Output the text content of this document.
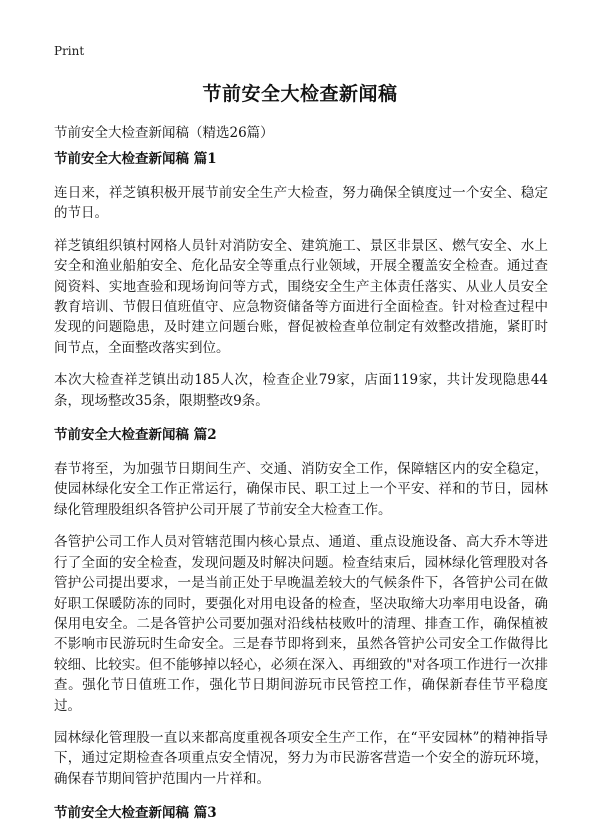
Print
节前安全大检查新闻稿
节前安全大检查新闻稿（精选26篇）
节前安全大检查新闻稿 篇1

连日来，祥芝镇积极开展节前安全生产大检查，努力确保全镇度过一个安全、稳定的节日。

祥芝镇组织镇村网格人员针对消防安全、建筑施工、景区非景区、燃气安全、水上安全和渔业船舶安全、危化品安全等重点行业领域，开展全覆盖安全检查。通过查阅资料、实地查验和现场询问等方式，围绕安全生产主体责任落实、从业人员安全教育培训、节假日值班值守、应急物资储备等方面进行全面检查。针对检查过程中发现的问题隐患，及时建立问题台账，督促被检查单位制定有效整改措施，紧盯时间节点，全面整改落实到位。

本次大检查祥芝镇出动185人次，检查企业79家，店面119家，共计发现隐患44条，现场整改35条，限期整改9条。

节前安全大检查新闻稿 篇2

春节将至，为加强节日期间生产、交通、消防安全工作，保障辖区内的安全稳定，使园林绿化安全工作正常运行，确保市民、职工过上一个平安、祥和的节日，园林绿化管理股组织各管护公司开展了节前安全大检查工作。

各管护公司工作人员对管辖范围内核心景点、通道、重点设施设备、高大乔木等进行了全面的安全检查，发现问题及时解决问题。检查结束后，园林绿化管理股对各管护公司提出要求，一是当前正处于早晚温差较大的气候条件下，各管护公司在做好职工保暖防冻的同时，要强化对用电设备的检查，坚决取缔大功率用电设备，确保用电安全。二是各管护公司要加强对沿线枯枝败叶的清理、排查工作，确保植被不影响市民游玩时生命安全。三是春节即将到来，虽然各管护公司安全工作做得比较细、比较实。但不能够掉以轻心，必须在深入、再细致的"对各项工作进行一次排查。强化节日值班工作，强化节日期间游玩市民管控工作，确保新春佳节平稳度过。

园林绿化管理股一直以来都高度重视各项安全生产工作，在“平安园林”的精神指导下，通过定期检查各项重点安全情况，努力为市民游客营造一个安全的游玩环境，确保春节期间管护范围内一片祥和。

节前安全大检查新闻稿 篇3
